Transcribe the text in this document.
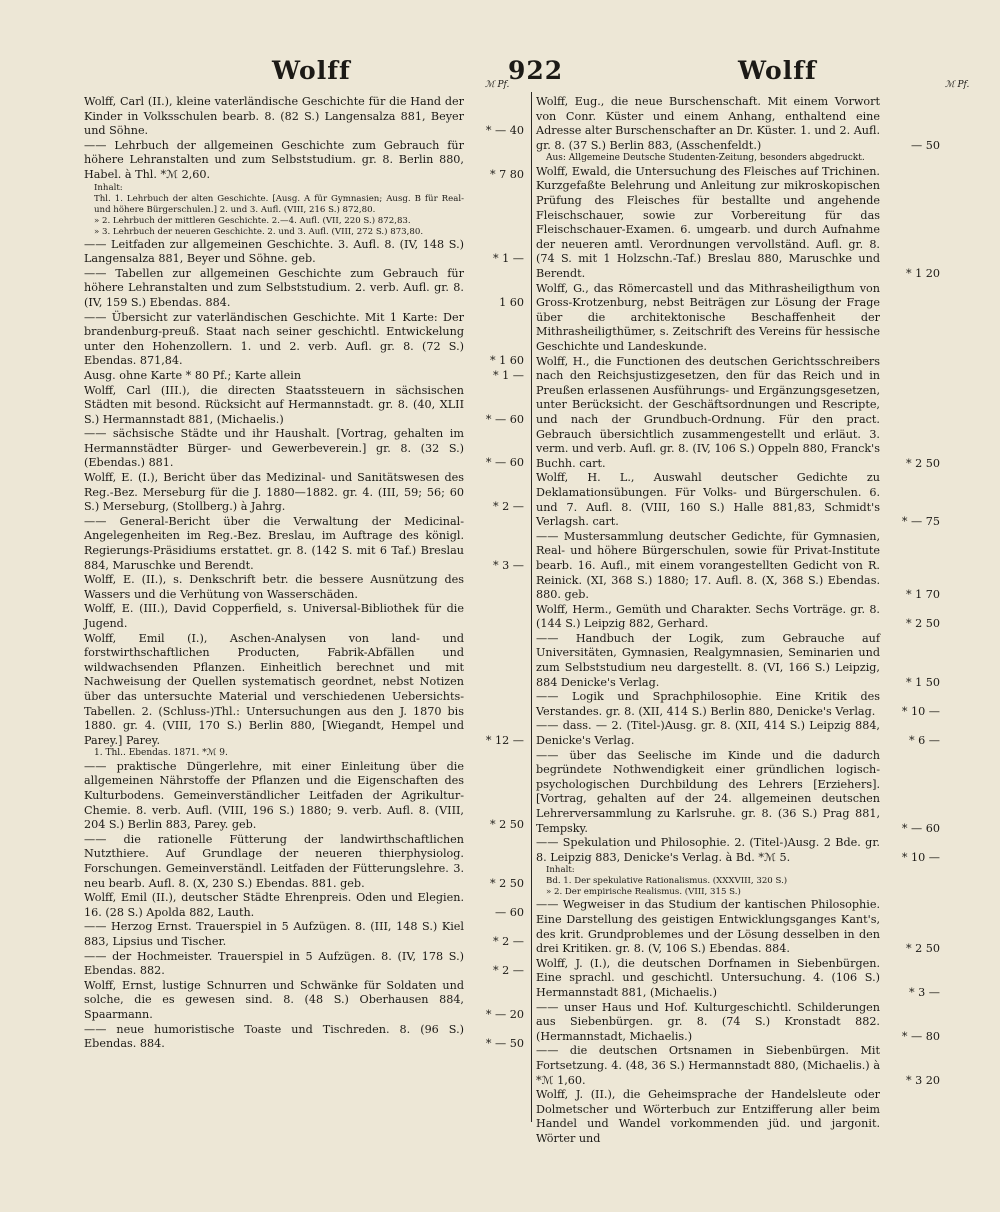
Wolff	922	Wolff
ℳ Pf.	ℳ Pf.
Wolff, Carl (II.), kleine vaterländische Geschichte für die Hand der Kinder in Volksschulen bearb. 8. (82 S.) Langensalza 881, Beyer und Söhne.	* — 40
—— Lehrbuch der allgemeinen Geschichte zum Gebrauch für höhere Lehranstalten und zum Selbststudium. gr. 8. Berlin 880, Habel. à Thl. *ℳ 2,60.	* 7 80
Inhalt:
Thl. 1. Lehrbuch der alten Geschichte. [Ausg. A für Gymnasien; Ausg. B für Real- und höhere Bürgerschulen.] 2. und 3. Aufl. (VIII, 216 S.) 872,80.
» 2. Lehrbuch der mittleren Geschichte. 2.—4. Aufl. (VII, 220 S.) 872,83.
» 3. Lehrbuch der neueren Geschichte. 2. und 3. Aufl. (VIII, 272 S.) 873,80.
—— Leitfaden zur allgemeinen Geschichte. 3. Aufl. 8. (IV, 148 S.) Langensalza 881, Beyer und Söhne. geb.	* 1 —
—— Tabellen zur allgemeinen Geschichte zum Gebrauch für höhere Lehranstalten und zum Selbststudium. 2. verb. Aufl. gr. 8. (IV, 159 S.) Ebendas. 884.	1 60
—— Übersicht zur vaterländischen Geschichte. Mit 1 Karte: Der brandenburg-preuß. Staat nach seiner geschichtl. Entwickelung unter den Hohenzollern. 1. und 2. verb. Aufl. gr. 8. (72 S.) Ebendas. 871,84.	* 1 60
Ausg. ohne Karte * 80 Pf.; Karte allein	* 1 —
Wolff, Carl (III.), die directen Staatssteuern in sächsischen Städten mit besond. Rücksicht auf Hermannstadt. gr. 8. (40, XLII S.) Hermannstadt 881, (Michaelis.)	* — 60
—— sächsische Städte und ihr Haushalt. [Vortrag, gehalten im Hermannstädter Bürger- und Gewerbeverein.] gr. 8. (32 S.) (Ebendas.) 881.	* — 60
Wolff, E. (I.), Bericht über das Medizinal- und Sanitätswesen des Reg.-Bez. Merseburg für die J. 1880—1882. gr. 4. (III, 59; 56; 60 S.) Merseburg, (Stollberg.) à Jahrg.	* 2 —
—— General-Bericht über die Verwaltung der Medicinal-Angelegenheiten im Reg.-Bez. Breslau, im Auftrage des königl. Regierungs-Präsidiums erstattet. gr. 8. (142 S. mit 6 Taf.) Breslau 884, Maruschke und Berendt.	* 3 —
Wolff, E. (II.), s. Denkschrift betr. die bessere Ausnützung des Wassers und die Verhütung von Wasserschäden.
Wolff, E. (III.), David Copperfield, s. Universal-Bibliothek für die Jugend.
Wolff, Emil (I.), Aschen-Analysen von land- und forstwirthschaftlichen Producten, Fabrik-Abfällen und wildwachsenden Pflanzen. Einheitlich berechnet und mit Nachweisung der Quellen systematisch geordnet, nebst Notizen über das untersuchte Material und verschiedenen Uebersichts-Tabellen. 2. (Schluss-)Thl.: Untersuchungen aus den J. 1870 bis 1880. gr. 4. (VIII, 170 S.) Berlin 880, [Wiegandt, Hempel und Parey.] Parey.	* 12 —
1. Thl.. Ebendas. 1871. *ℳ 9.
—— praktische Düngerlehre, mit einer Einleitung über die allgemeinen Nährstoffe der Pflanzen und die Eigenschaften des Kulturbodens. Gemeinverständlicher Leitfaden der Agrikultur-Chemie. 8. verb. Aufl. (VIII, 196 S.) 1880; 9. verb. Aufl. 8. (VIII, 204 S.) Berlin 883, Parey. geb.	* 2 50
—— die rationelle Fütterung der landwirthschaftlichen Nutzthiere. Auf Grundlage der neueren thierphysiolog. Forschungen. Gemeinverständl. Leitfaden der Fütterungslehre. 3. neu bearb. Aufl. 8. (X, 230 S.) Ebendas. 881. geb.	* 2 50
Wolff, Emil (II.), deutscher Städte Ehrenpreis. Oden und Elegien. 16. (28 S.) Apolda 882, Lauth.	— 60
—— Herzog Ernst. Trauerspiel in 5 Aufzügen. 8. (III, 148 S.) Kiel 883, Lipsius und Tischer.	* 2 —
—— der Hochmeister. Trauerspiel in 5 Aufzügen. 8. (IV, 178 S.) Ebendas. 882.	* 2 —
Wolff, Ernst, lustige Schnurren und Schwänke für Soldaten und solche, die es gewesen sind. 8. (48 S.) Oberhausen 884, Spaarmann.	* — 20
—— neue humoristische Toaste und Tischreden. 8. (96 S.) Ebendas. 884.	* — 50
Wolff, Eug., die neue Burschenschaft. Mit einem Vorwort von Conr. Küster und einem Anhang, enthaltend eine Adresse alter Burschenschafter an Dr. Küster. 1. und 2. Aufl. gr. 8. (37 S.) Berlin 883, (Asschenfeldt.)	— 50
Aus: Allgemeine Deutsche Studenten-Zeitung, besonders abgedruckt.
Wolff, Ewald, die Untersuchung des Fleisches auf Trichinen. Kurzgefaßte Belehrung und Anleitung zur mikroskopischen Prüfung des Fleisches für bestallte und angehende Fleischschauer, sowie zur Vorbereitung für das Fleischschauer-Examen. 6. umgearb. und durch Aufnahme der neueren amtl. Verordnungen vervollständ. Aufl. gr. 8. (74 S. mit 1 Holzschn.-Taf.) Breslau 880, Maruschke und Berendt.	* 1 20
Wolff, G., das Römercastell und das Mithrasheiligthum von Gross-Krotzenburg, nebst Beiträgen zur Lösung der Frage über die architektonische Beschaffenheit der Mithrasheiligthümer, s. Zeitschrift des Vereins für hessische Geschichte und Landeskunde.
Wolff, H., die Functionen des deutschen Gerichtsschreibers nach den Reichsjustizgesetzen, den für das Reich und in Preußen erlassenen Ausführungs- und Ergänzungsgesetzen, unter Berücksicht. der Geschäftsordnungen und Rescripte, und nach der Grundbuch-Ordnung. Für den pract. Gebrauch übersichtlich zusammengestellt und erläut. 3. verm. und verb. Aufl. gr. 8. (IV, 106 S.) Oppeln 880, Franck's Buchh. cart.	* 2 50
Wolff, H. L., Auswahl deutscher Gedichte zu Deklamationsübungen. Für Volks- und Bürgerschulen. 6. und 7. Aufl. 8. (VIII, 160 S.) Halle 881,83, Schmidt's Verlagsh. cart.	* — 75
—— Mustersammlung deutscher Gedichte, für Gymnasien, Real- und höhere Bürgerschulen, sowie für Privat-Institute bearb. 16. Aufl., mit einem vorangestellten Gedicht von R. Reinick. (XI, 368 S.) 1880; 17. Aufl. 8. (X, 368 S.) Ebendas. 880. geb.	* 1 70
Wolff, Herm., Gemüth und Charakter. Sechs Vorträge. gr. 8. (144 S.) Leipzig 882, Gerhard.	* 2 50
—— Handbuch der Logik, zum Gebrauche auf Universitäten, Gymnasien, Realgymnasien, Seminarien und zum Selbststudium neu dargestellt. 8. (VI, 166 S.) Leipzig, 884 Denicke's Verlag.	* 1 50
—— Logik und Sprachphilosophie. Eine Kritik des Verstandes. gr. 8. (XII, 414 S.) Berlin 880, Denicke's Verlag.	* 10 —
—— dass. — 2. (Titel-)Ausg. gr. 8. (XII, 414 S.) Leipzig 884, Denicke's Verlag.	* 6 —
—— über das Seelische im Kinde und die dadurch begründete Nothwendigkeit einer gründlichen logisch-psychologischen Durchbildung des Lehrers [Erziehers]. [Vortrag, gehalten auf der 24. allgemeinen deutschen Lehrerversammlung zu Karlsruhe. gr. 8. (36 S.) Prag 881, Tempsky.	* — 60
—— Spekulation und Philosophie. 2. (Titel-)Ausg. 2 Bde. gr. 8. Leipzig 883, Denicke's Verlag. à Bd. *ℳ 5.	* 10 —
Inhalt:
Bd. 1. Der spekulative Rationalismus. (XXXVIII, 320 S.)
» 2. Der empirische Realismus. (VIII, 315 S.)
—— Wegweiser in das Studium der kantischen Philosophie. Eine Darstellung des geistigen Entwicklungsganges Kant's, des krit. Grundproblemes und der Lösung desselben in den drei Kritiken. gr. 8. (V, 106 S.) Ebendas. 884.	* 2 50
Wolff, J. (I.), die deutschen Dorfnamen in Siebenbürgen. Eine sprachl. und geschichtl. Untersuchung. 4. (106 S.) Hermannstadt 881, (Michaelis.)	* 3 —
—— unser Haus und Hof. Kulturgeschichtl. Schilderungen aus Siebenbürgen. gr. 8. (74 S.) Kronstadt 882. (Hermannstadt, Michaelis.)	* — 80
—— die deutschen Ortsnamen in Siebenbürgen. Mit Fortsetzung. 4. (48, 36 S.) Hermannstadt 880, (Michaelis.) à *ℳ 1,60.	* 3 20
Wolff, J. (II.), die Geheimsprache der Handelsleute oder Dolmetscher und Wörterbuch zur Entzifferung aller beim Handel und Wandel vorkommenden jüd. und jargonit. Wörter und
